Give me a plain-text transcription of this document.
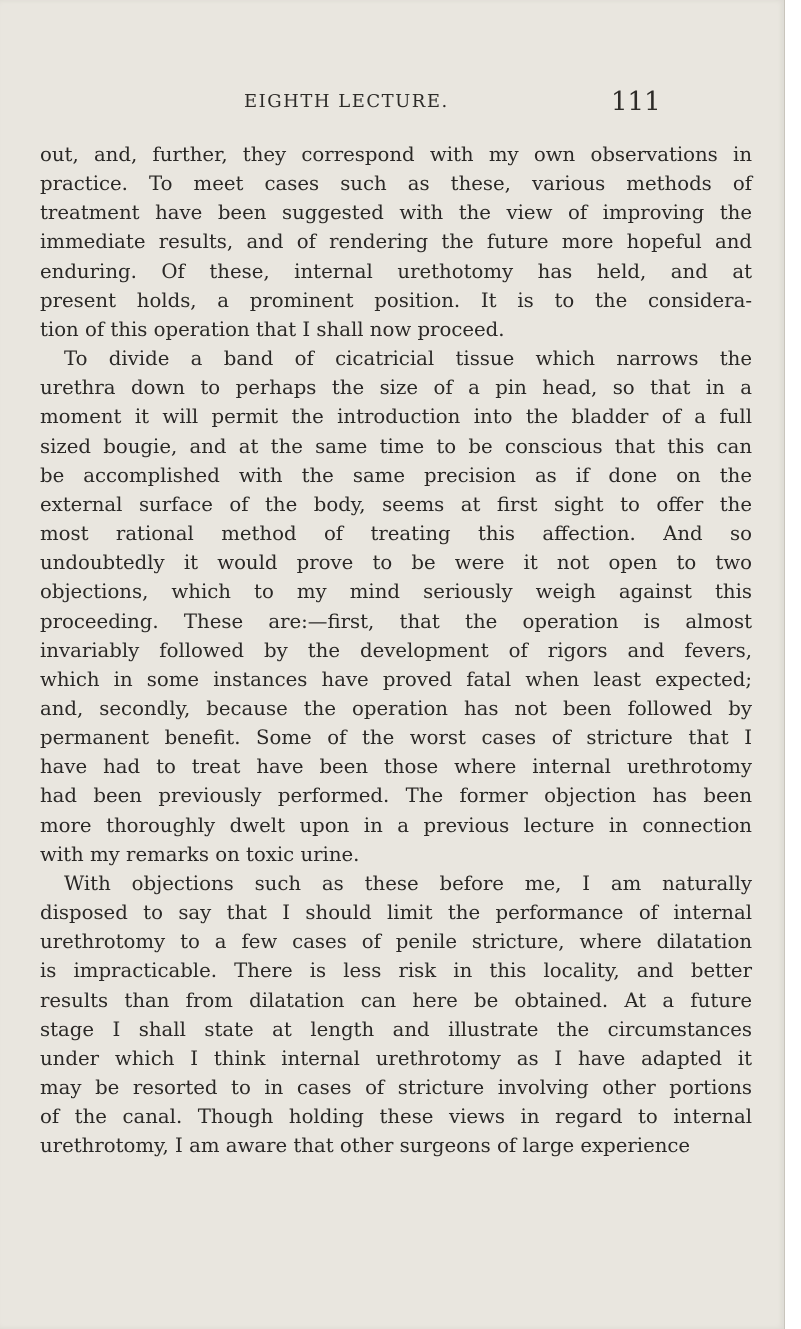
EIGHTH LECTURE.	111
out, and, further, they correspond with my own observations in
practice. To meet cases such as these, various methods of
treatment have been suggested with the view of improving the
immediate results, and of rendering the future more hopeful and
enduring. Of these, internal urethotomy has held, and at
present holds, a prominent position. It is to the considera-
tion of this operation that I shall now proceed.
To divide a band of cicatricial tissue which narrows the
urethra down to perhaps the size of a pin head, so that in a
moment it will permit the introduction into the bladder of a full
sized bougie, and at the same time to be conscious that this can
be accomplished with the same precision as if done on the
external surface of the body, seems at first sight to offer the
most rational method of treating this affection. And so
undoubtedly it would prove to be were it not open to two
objections, which to my mind seriously weigh against this
proceeding. These are:—first, that the operation is almost
invariably followed by the development of rigors and fevers,
which in some instances have proved fatal when least expected;
and, secondly, because the operation has not been followed by
permanent benefit. Some of the worst cases of stricture that I
have had to treat have been those where internal urethrotomy
had been previously performed. The former objection has been
more thoroughly dwelt upon in a previous lecture in connection
with my remarks on toxic urine.
With objections such as these before me, I am naturally
disposed to say that I should limit the performance of internal
urethrotomy to a few cases of penile stricture, where dilatation
is impracticable. There is less risk in this locality, and better
results than from dilatation can here be obtained. At a future
stage I shall state at length and illustrate the circumstances
under which I think internal urethrotomy as I have adapted it
may be resorted to in cases of stricture involving other portions
of the canal. Though holding these views in regard to internal
urethrotomy, I am aware that other surgeons of large experience
